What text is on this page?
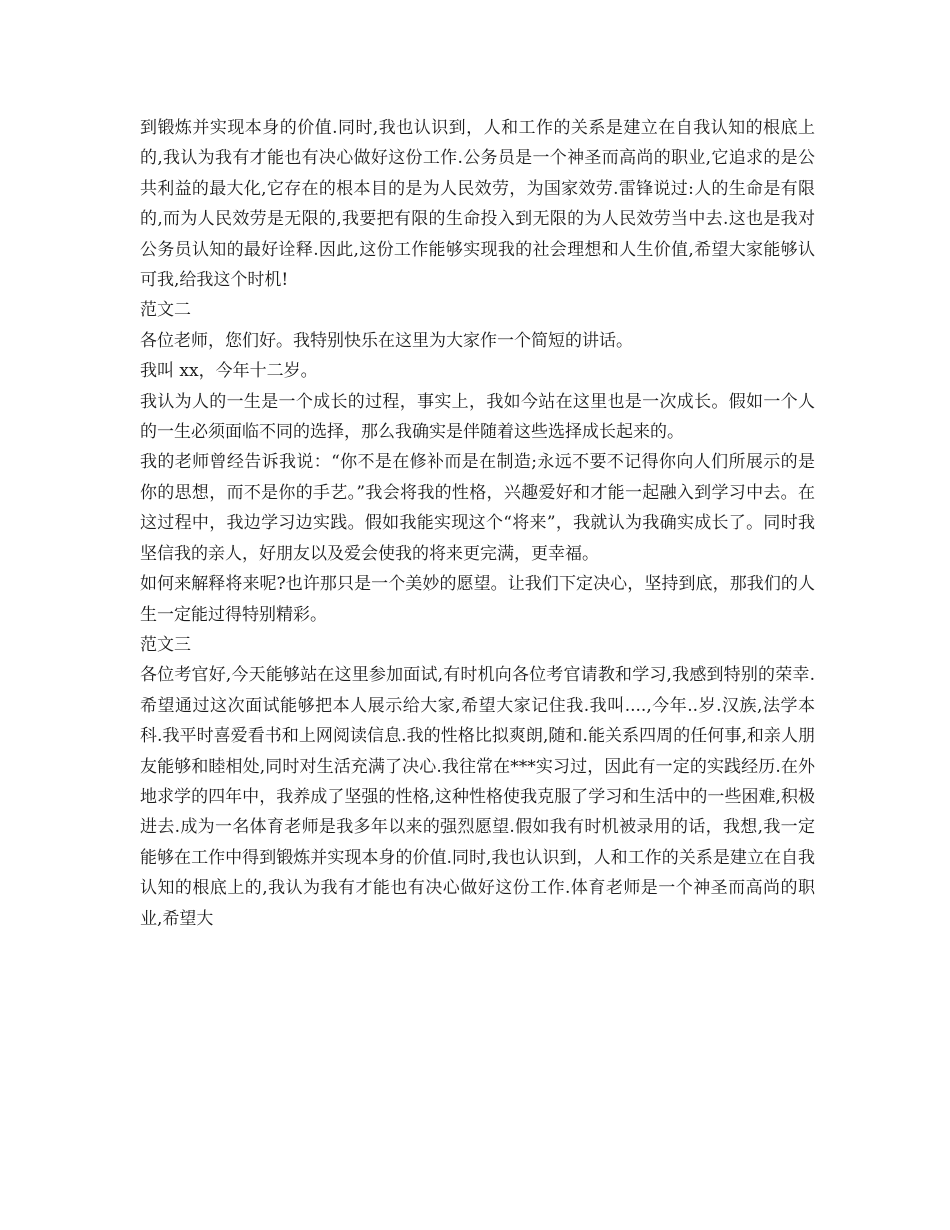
到锻炼并实现本身的价值.同时,我也认识到，人和工作的关系是建立在自我认知的根底上的,我认为我有才能也有决心做好这份工作.公务员是一个神圣而高尚的职业,它追求的是公共利益的最大化,它存在的根本目的是为人民效劳，为国家效劳.雷锋说过:人的生命是有限的,而为人民效劳是无限的,我要把有限的生命投入到无限的为人民效劳当中去.这也是我对公务员认知的最好诠释.因此,这份工作能够实现我的社会理想和人生价值,希望大家能够认可我,给我这个时机!

范文二

各位老师，您们好。我特别快乐在这里为大家作一个简短的讲话。

我叫 xx，今年十二岁。

我认为人的一生是一个成长的过程，事实上，我如今站在这里也是一次成长。假如一个人的一生必须面临不同的选择，那么我确实是伴随着这些选择成长起来的。

我的老师曾经告诉我说：“你不是在修补而是在制造;永远不要不记得你向人们所展示的是你的思想，而不是你的手艺。”我会将我的性格，兴趣爱好和才能一起融入到学习中去。在这过程中，我边学习边实践。假如我能实现这个“将来”，我就认为我确实成长了。同时我坚信我的亲人，好朋友以及爱会使我的将来更完满，更幸福。

如何来解释将来呢?也许那只是一个美妙的愿望。让我们下定决心，坚持到底，那我们的人生一定能过得特别精彩。

范文三

各位考官好,今天能够站在这里参加面试,有时机向各位考官请教和学习,我感到特别的荣幸.希望通过这次面试能够把本人展示给大家,希望大家记住我.我叫....,今年..岁.汉族,法学本科.我平时喜爱看书和上网阅读信息.我的性格比拟爽朗,随和.能关系四周的任何事,和亲人朋友能够和睦相处,同时对生活充满了决心.我往常在***实习过，因此有一定的实践经历.在外地求学的四年中，我养成了坚强的性格,这种性格使我克服了学习和生活中的一些困难,积极进去.成为一名体育老师是我多年以来的强烈愿望.假如我有时机被录用的话，我想,我一定能够在工作中得到锻炼并实现本身的价值.同时,我也认识到，人和工作的关系是建立在自我认知的根底上的,我认为我有才能也有决心做好这份工作.体育老师是一个神圣而高尚的职业,希望大
